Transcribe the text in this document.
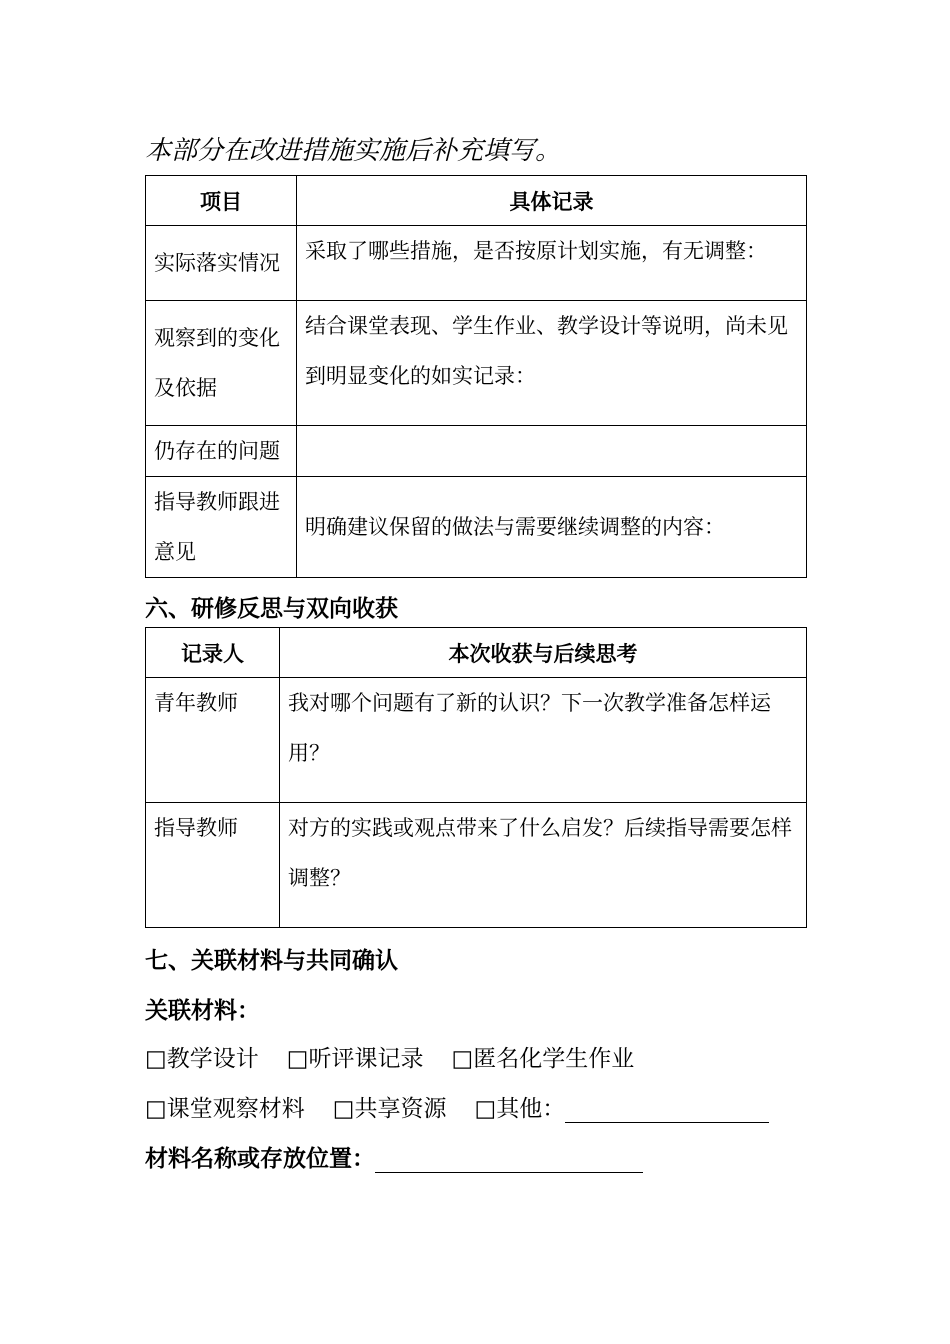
本部分在改进措施实施后补充填写。
项目	具体记录

实际落实情况	采取了哪些措施，是否按原计划实施，有无调整：

观察到的变化及依据	结合课堂表现、学生作业、教学设计等说明，尚未见到明显变化的如实记录：

仍存在的问题	

指导教师跟进意见	明确建议保留的做法与需要继续调整的内容：
六、研修反思与双向收获
记录人	本次收获与后续思考

青年教师	我对哪个问题有了新的认识？下一次教学准备怎样运用？

指导教师	对方的实践或观点带来了什么启发？后续指导需要怎样调整？
七、关联材料与共同确认
关联材料：
□教学设计 □听评课记录 □匿名化学生作业
□课堂观察材料 □共享资源 □其他：
材料名称或存放位置：
